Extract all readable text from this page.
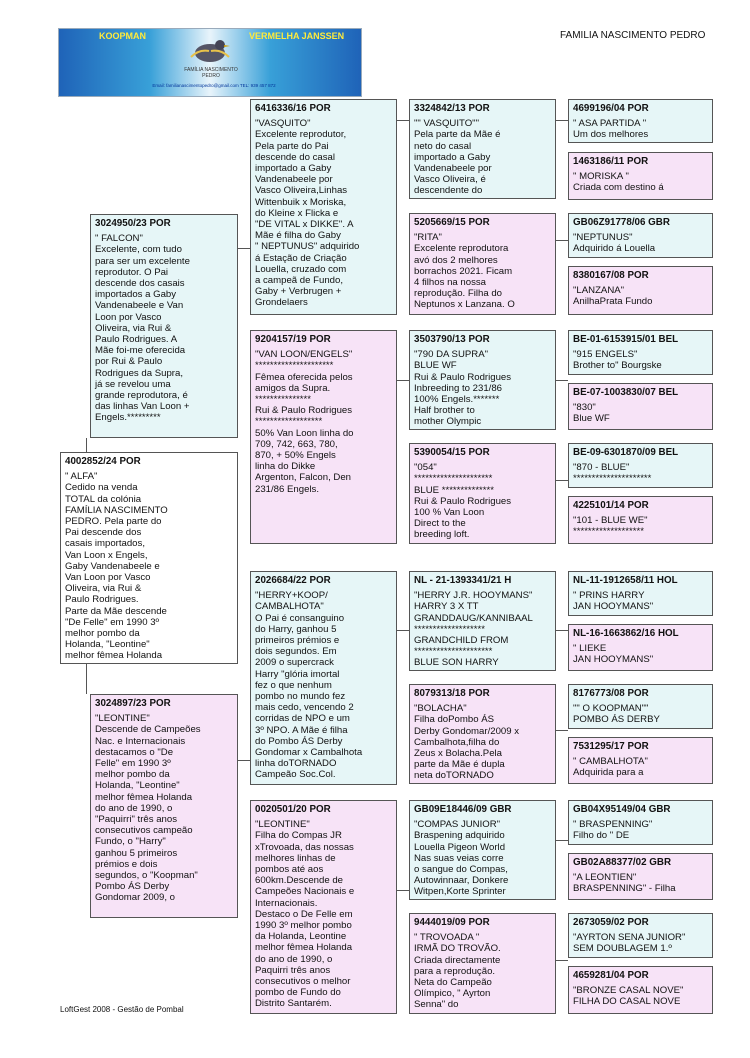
KOOPMAN	VERMELHA JANSSEN
FAMÍLIA NASCIMENTO PEDRO
Email: familianascimentopedro@gmail.com TEL: 939 457 872
FAMILIA NASCIMENTO PEDRO
4002852/24 POR
" ALFA"
Cedido na venda
TOTAL da colónia
FAMÍLIA NASCIMENTO
PEDRO. Pela parte do
Pai descende dos
casais importados,
Van Loon x Engels,
Gaby Vandenabeele e
Van Loon por Vasco
Oliveira, via Rui &
Paulo Rodrigues.
Parte da Mãe descende
"De Felle" em 1990 3º
melhor pombo da
Holanda, "Leontine"
melhor fêmea Holanda
3024950/23 POR
" FALCON"
Excelente, com tudo
para ser um excelente
reprodutor. O Pai
descende dos casais
importados a Gaby
Vandenabeele e Van
Loon por Vasco
Oliveira, via Rui &
Paulo Rodrigues. A
Mãe foi-me oferecida
por Rui & Paulo
Rodrigues da Supra,
já se revelou uma
grande reprodutora, é
das linhas Van Loon +
Engels.*********
3024897/23 POR
"LEONTINE"
Descende de Campeões
Nac. e Internacionais
destacamos o "De
Felle" em 1990 3º
melhor pombo da
Holanda, "Leontine"
melhor fêmea Holanda
do ano de 1990, o
"Paquirri" três anos
consecutivos campeão
Fundo, o "Harry"
ganhou 5 primeiros
prémios e dois
segundos, o "Koopman"
Pombo ÁS Derby
Gondomar 2009, o
6416336/16 POR
"VASQUITO"
Excelente reprodutor,
Pela parte do Pai
descende do casal
importado a Gaby
Vandenabeele por
Vasco Oliveira,Linhas
Wittenbuik x Moriska,
do Kleine x Flicka e
"DE VITAL x DIKKE". A
Mãe é filha do Gaby
" NEPTUNUS" adquirido
á Estação de Criação
Louella, cruzado com
a campeã de Fundo,
Gaby + Verbrugen +
Grondelaers
9204157/19 POR
"VAN LOON/ENGELS"
*********************
Fêmea oferecida pelos
amigos da Supra.
***************
Rui & Paulo Rodrigues
******************
50% Van Loon linha do
709, 742, 663, 780,
870, + 50% Engels
linha do Dikke
Argenton, Falcon, Den
231/86 Engels.
2026684/22 POR
"HERRY+KOOP/
CAMBALHOTA"
O Pai é consanguino
do Harry, ganhou 5
primeiros prémios e
dois segundos. Em
2009 o supercrack
Harry "glória imortal
fez o que nenhum
pombo no mundo fez
mais cedo, vencendo 2
corridas de NPO e um
3º NPO. A Mãe é filha
do Pombo ÁS Derby
Gondomar x Cambalhota
linha doTORNADO
Campeão Soc.Col.
0020501/20 POR
"LEONTINE"
Filha do Compas JR
xTrovoada, das nossas
melhores linhas de
pombos até aos
600km.Descende de
Campeões Nacionais e
Internacionais.
Destaco o De Felle em
1990 3º melhor pombo
da Holanda, Leontine
melhor fêmea Holanda
do ano de 1990, o
Paquirri três anos
consecutivos o melhor
pombo de Fundo do
Distrito Santarém.
3324842/13 POR
"" VASQUITO""
Pela parte da Mãe é
neto do casal
importado a Gaby
Vandenabeele por
Vasco Oliveira, é
descendente do
5205669/15 POR
"RITA"
Excelente reprodutora
avó dos 2 melhores
borrachos 2021. Ficam
4 filhos na nossa
reprodução. Filha do
Neptunos x Lanzana. O
3503790/13 POR
"790 DA SUPRA"
BLUE WF
Rui & Paulo Rodrigues
Inbreeding to 231/86
100% Engels.*******
Half brother to
mother Olympic
5390054/15 POR
"054"
*********************
BLUE **************
Rui & Paulo Rodrigues
100 % Van Loon
Direct to the
breeding loft.
NL - 21-1393341/21 H
"HERRY J.R. HOOYMANS"
HARRY 3 X TT
GRANDDAUG/KANNIBAAL
*******************
GRANDCHILD FROM
*********************
BLUE SON HARRY
8079313/18 POR
"BOLACHA"
Filha doPombo ÁS
Derby Gondomar/2009 x
Cambalhota,filha do
Zeus x Bolacha.Pela
parte da Mãe é dupla
neta doTORNADO
GB09E18446/09 GBR
"COMPAS JUNIOR"
Braspening adquirido
Louella Pigeon World
Nas suas veias corre
o sangue do Compas,
Autowinnaar, Donkere
Witpen,Korte Sprinter
9444019/09 POR
" TROVOADA "
IRMÃ DO TROVÃO.
Criada directamente
para a reprodução.
Neta do Campeão
Olímpico, " Ayrton
Senna" do
4699196/04 POR
" ASA PARTIDA "
Um dos melhores
1463186/11 POR
" MORISKA "
Criada com destino á
GB06Z91778/06 GBR
"NEPTUNUS"
Adquirido á Louella
8380167/08 POR
"LANZANA"
AnilhaPrata Fundo
BE-01-6153915/01 BEL
"915 ENGELS"
Brother to" Bourgske
BE-07-1003830/07 BEL
"830"
Blue WF
BE-09-6301870/09 BEL
"870 - BLUE"
*********************
4225101/14 POR
"101 - BLUE WE"
*******************
NL-11-1912658/11 HOL
" PRINS HARRY
JAN HOOYMANS"
NL-16-1663862/16 HOL
" LIEKE
JAN HOOYMANS"
8176773/08 POR
"" O KOOPMAN""
POMBO ÁS DERBY
7531295/17 POR
" CAMBALHOTA"
Adquirida para a
GB04X95149/04 GBR
" BRASPENNING"
Filho do " DE
GB02A88377/02 GBR
"A LEONTIEN"
BRASPENNING" - Filha
2673059/02 POR
"AYRTON SENA JUNIOR"
SEM DOUBLAGEM 1.º
4659281/04 POR
"BRONZE CASAL NOVE"
FILHA DO CASAL NOVE
LoftGest 2008 - Gestão de Pombal
